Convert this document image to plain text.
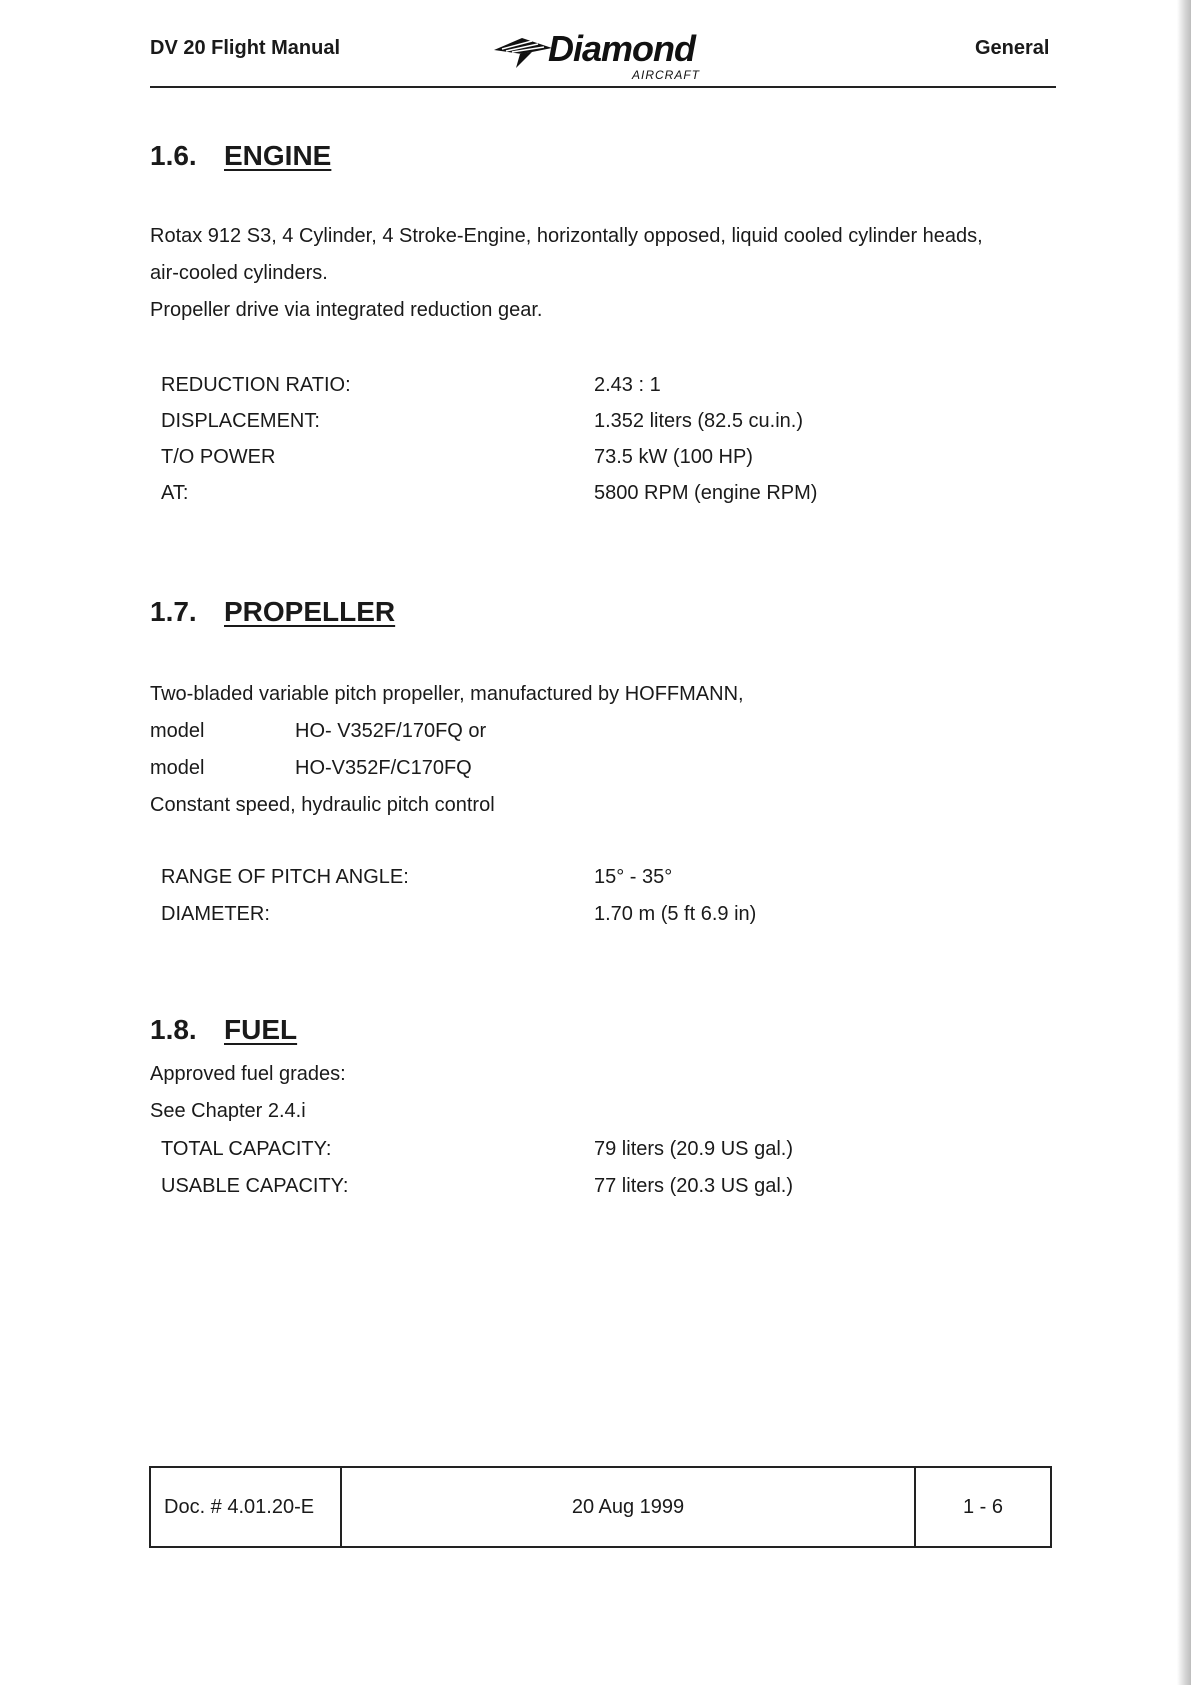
DV 20 Flight Manual	Diamond
AIRCRAFT
General
1.6. ENGINE

Rotax 912 S3, 4 Cylinder, 4 Stroke-Engine, horizontally opposed, liquid cooled cylinder heads,

air-cooled cylinders.

Propeller drive via integrated reduction gear.

REDUCTION RATIO:	2.43 : 1
DISPLACEMENT:	1.352 liters (82.5 cu.in.)
T/O POWER	73.5 kW (100 HP)
AT:	5800 RPM (engine RPM)
1.7. PROPELLER

Two-bladed variable pitch propeller, manufactured by HOFFMANN,

model	HO- V352F/170FQ or
model	HO-V352F/C170FQ

Constant speed, hydraulic pitch control

RANGE OF PITCH ANGLE:	15° - 35°
DIAMETER:	1.70 m (5 ft 6.9 in)
1.8. FUEL

Approved fuel grades:

See Chapter 2.4.i

TOTAL CAPACITY:	79 liters (20.9 US gal.)
USABLE CAPACITY:	77 liters (20.3 US gal.)
Doc. # 4.01.20-E	20 Aug 1999	1 - 6
